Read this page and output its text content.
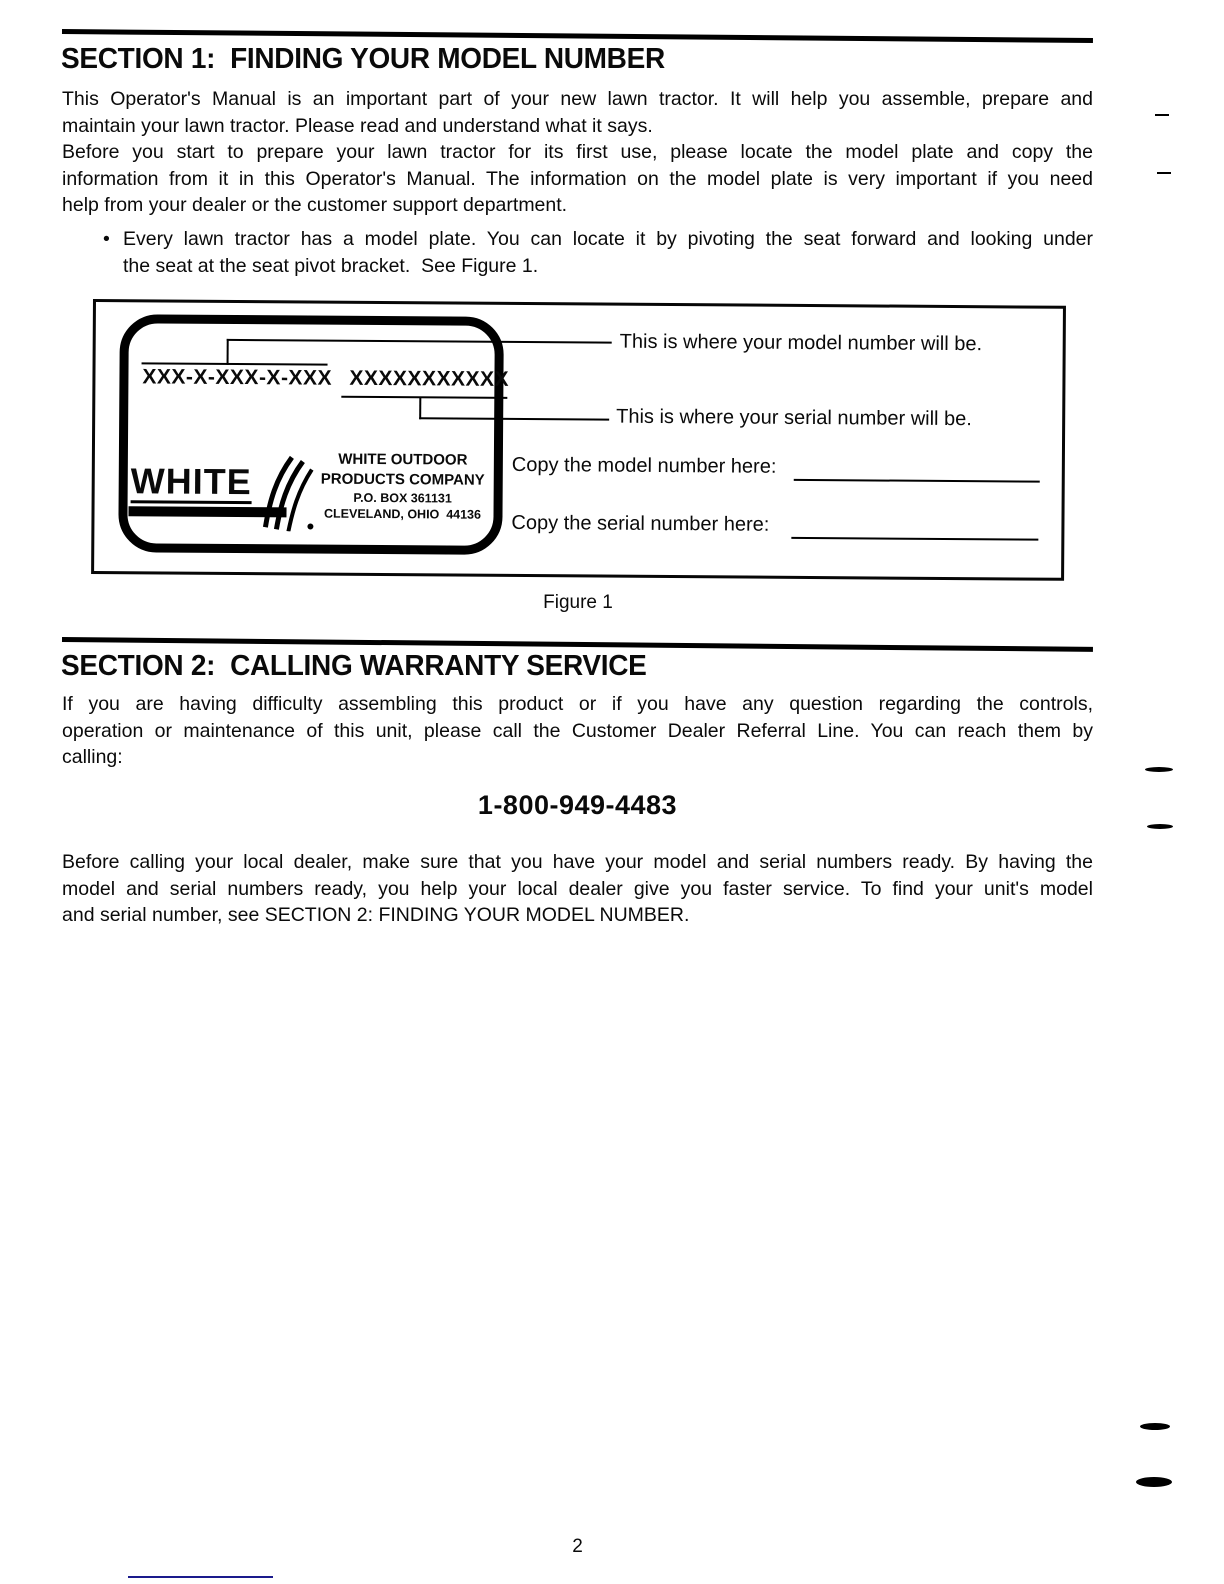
SECTION 1:  FINDING YOUR MODEL NUMBER
This Operator's Manual is an important part of your new lawn tractor. It will help you assemble, prepare and
maintain your lawn tractor. Please read and understand what it says.
Before you start to prepare your lawn tractor for its first use, please locate the model plate and copy the
information from it in this Operator's Manual. The information on the model plate is very important if you need
help from your dealer or the customer support department.
• Every lawn tractor has a model plate. You can locate it by pivoting the seat forward and looking under
the seat at the seat pivot bracket.  See Figure 1.
This is where your model number will be.
XXX-X-XXX-X-XXX XXXXXXXXXXX
This is where your serial number will be.
WHITE
WHITE OUTDOOR
PRODUCTS COMPANY
P.O. BOX 361131
CLEVELAND, OHIO  44136
Copy the model number here:
Copy the serial number here:
Figure 1
SECTION 2:  CALLING WARRANTY SERVICE
If you are having difficulty assembling this product or if you have any question regarding the controls,
operation or maintenance of this unit, please call the Customer Dealer Referral Line. You can reach them by
calling:
1-800-949-4483
Before calling your local dealer, make sure that you have your model and serial numbers ready. By having the
model and serial numbers ready, you help your local dealer give you faster service. To find your unit's model
and serial number, see SECTION 2: FINDING YOUR MODEL NUMBER.
2
